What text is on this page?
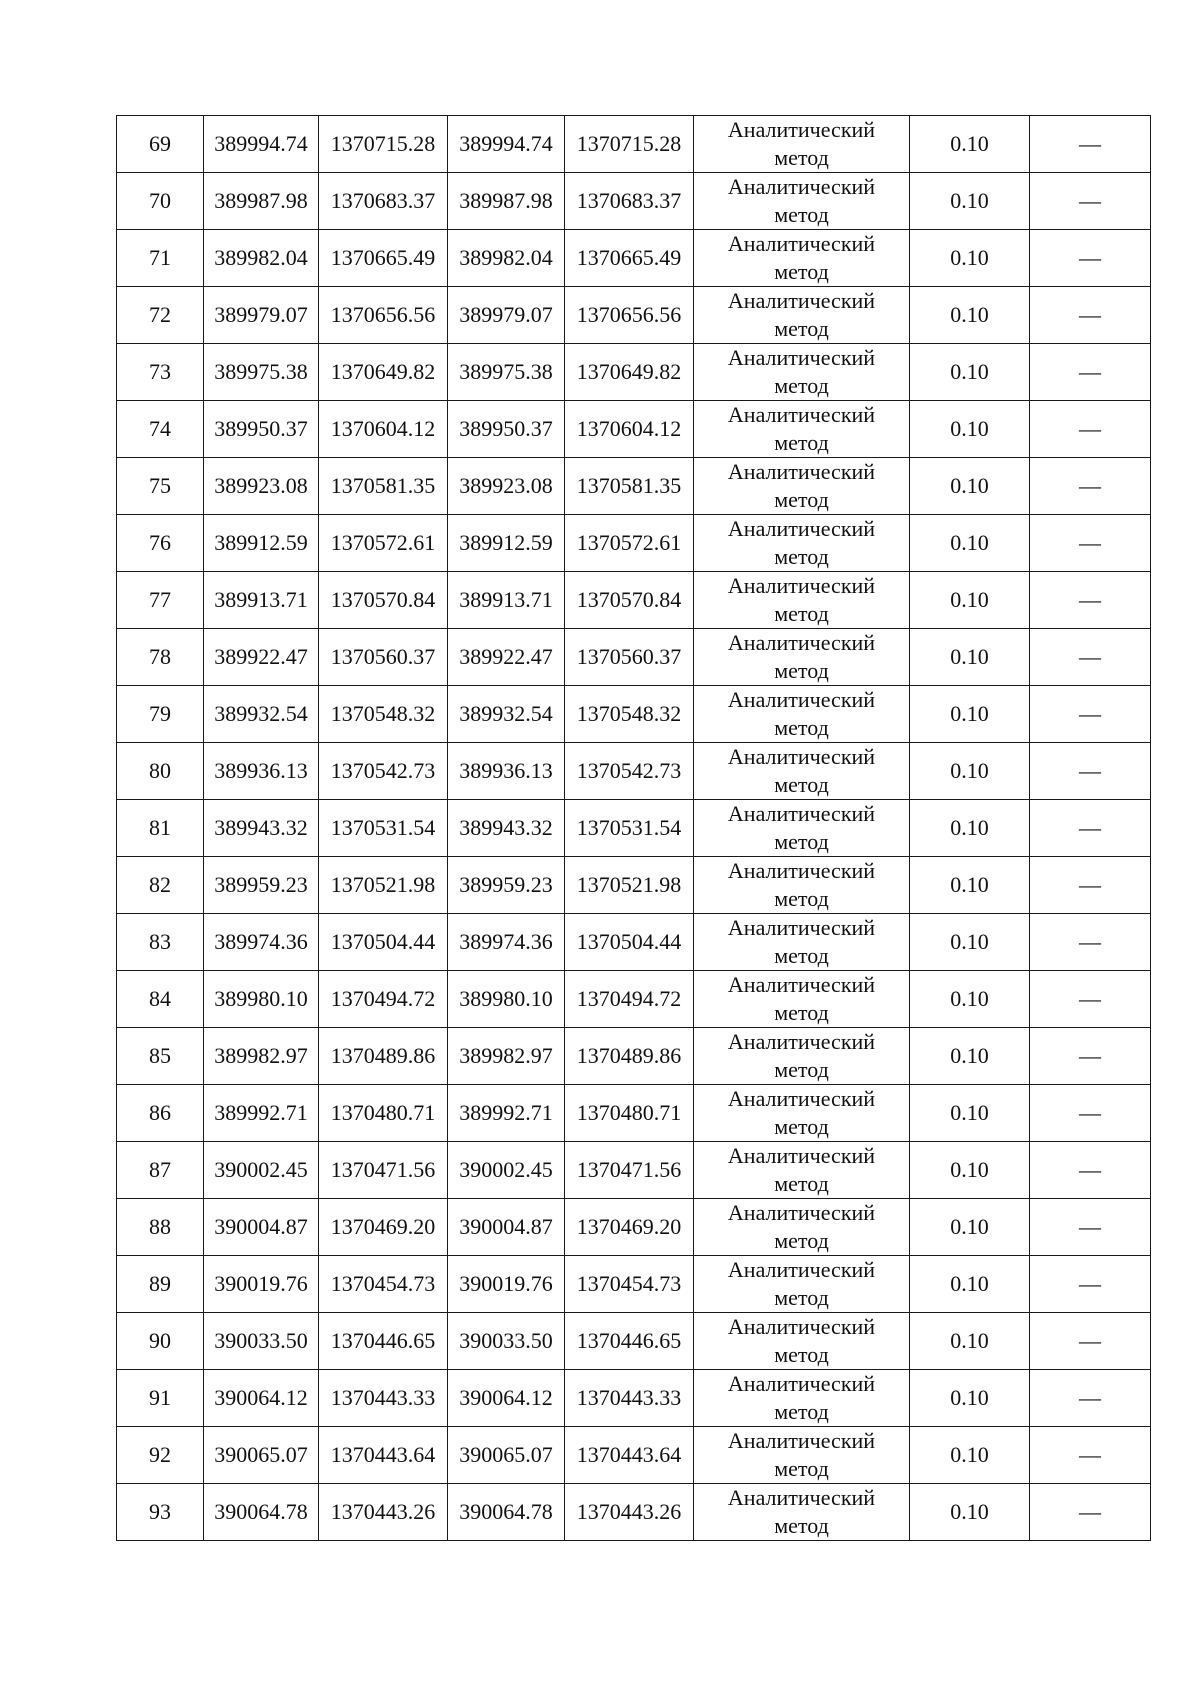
69	389994.74	1370715.28	389994.74	1370715.28	Аналитический
метод	0.10	—
70	389987.98	1370683.37	389987.98	1370683.37	Аналитический
метод	0.10	—
71	389982.04	1370665.49	389982.04	1370665.49	Аналитический
метод	0.10	—
72	389979.07	1370656.56	389979.07	1370656.56	Аналитический
метод	0.10	—
73	389975.38	1370649.82	389975.38	1370649.82	Аналитический
метод	0.10	—
74	389950.37	1370604.12	389950.37	1370604.12	Аналитический
метод	0.10	—
75	389923.08	1370581.35	389923.08	1370581.35	Аналитический
метод	0.10	—
76	389912.59	1370572.61	389912.59	1370572.61	Аналитический
метод	0.10	—
77	389913.71	1370570.84	389913.71	1370570.84	Аналитический
метод	0.10	—
78	389922.47	1370560.37	389922.47	1370560.37	Аналитический
метод	0.10	—
79	389932.54	1370548.32	389932.54	1370548.32	Аналитический
метод	0.10	—
80	389936.13	1370542.73	389936.13	1370542.73	Аналитический
метод	0.10	—
81	389943.32	1370531.54	389943.32	1370531.54	Аналитический
метод	0.10	—
82	389959.23	1370521.98	389959.23	1370521.98	Аналитический
метод	0.10	—
83	389974.36	1370504.44	389974.36	1370504.44	Аналитический
метод	0.10	—
84	389980.10	1370494.72	389980.10	1370494.72	Аналитический
метод	0.10	—
85	389982.97	1370489.86	389982.97	1370489.86	Аналитический
метод	0.10	—
86	389992.71	1370480.71	389992.71	1370480.71	Аналитический
метод	0.10	—
87	390002.45	1370471.56	390002.45	1370471.56	Аналитический
метод	0.10	—
88	390004.87	1370469.20	390004.87	1370469.20	Аналитический
метод	0.10	—
89	390019.76	1370454.73	390019.76	1370454.73	Аналитический
метод	0.10	—
90	390033.50	1370446.65	390033.50	1370446.65	Аналитический
метод	0.10	—
91	390064.12	1370443.33	390064.12	1370443.33	Аналитический
метод	0.10	—
92	390065.07	1370443.64	390065.07	1370443.64	Аналитический
метод	0.10	—
93	390064.78	1370443.26	390064.78	1370443.26	Аналитический
метод	0.10	—
